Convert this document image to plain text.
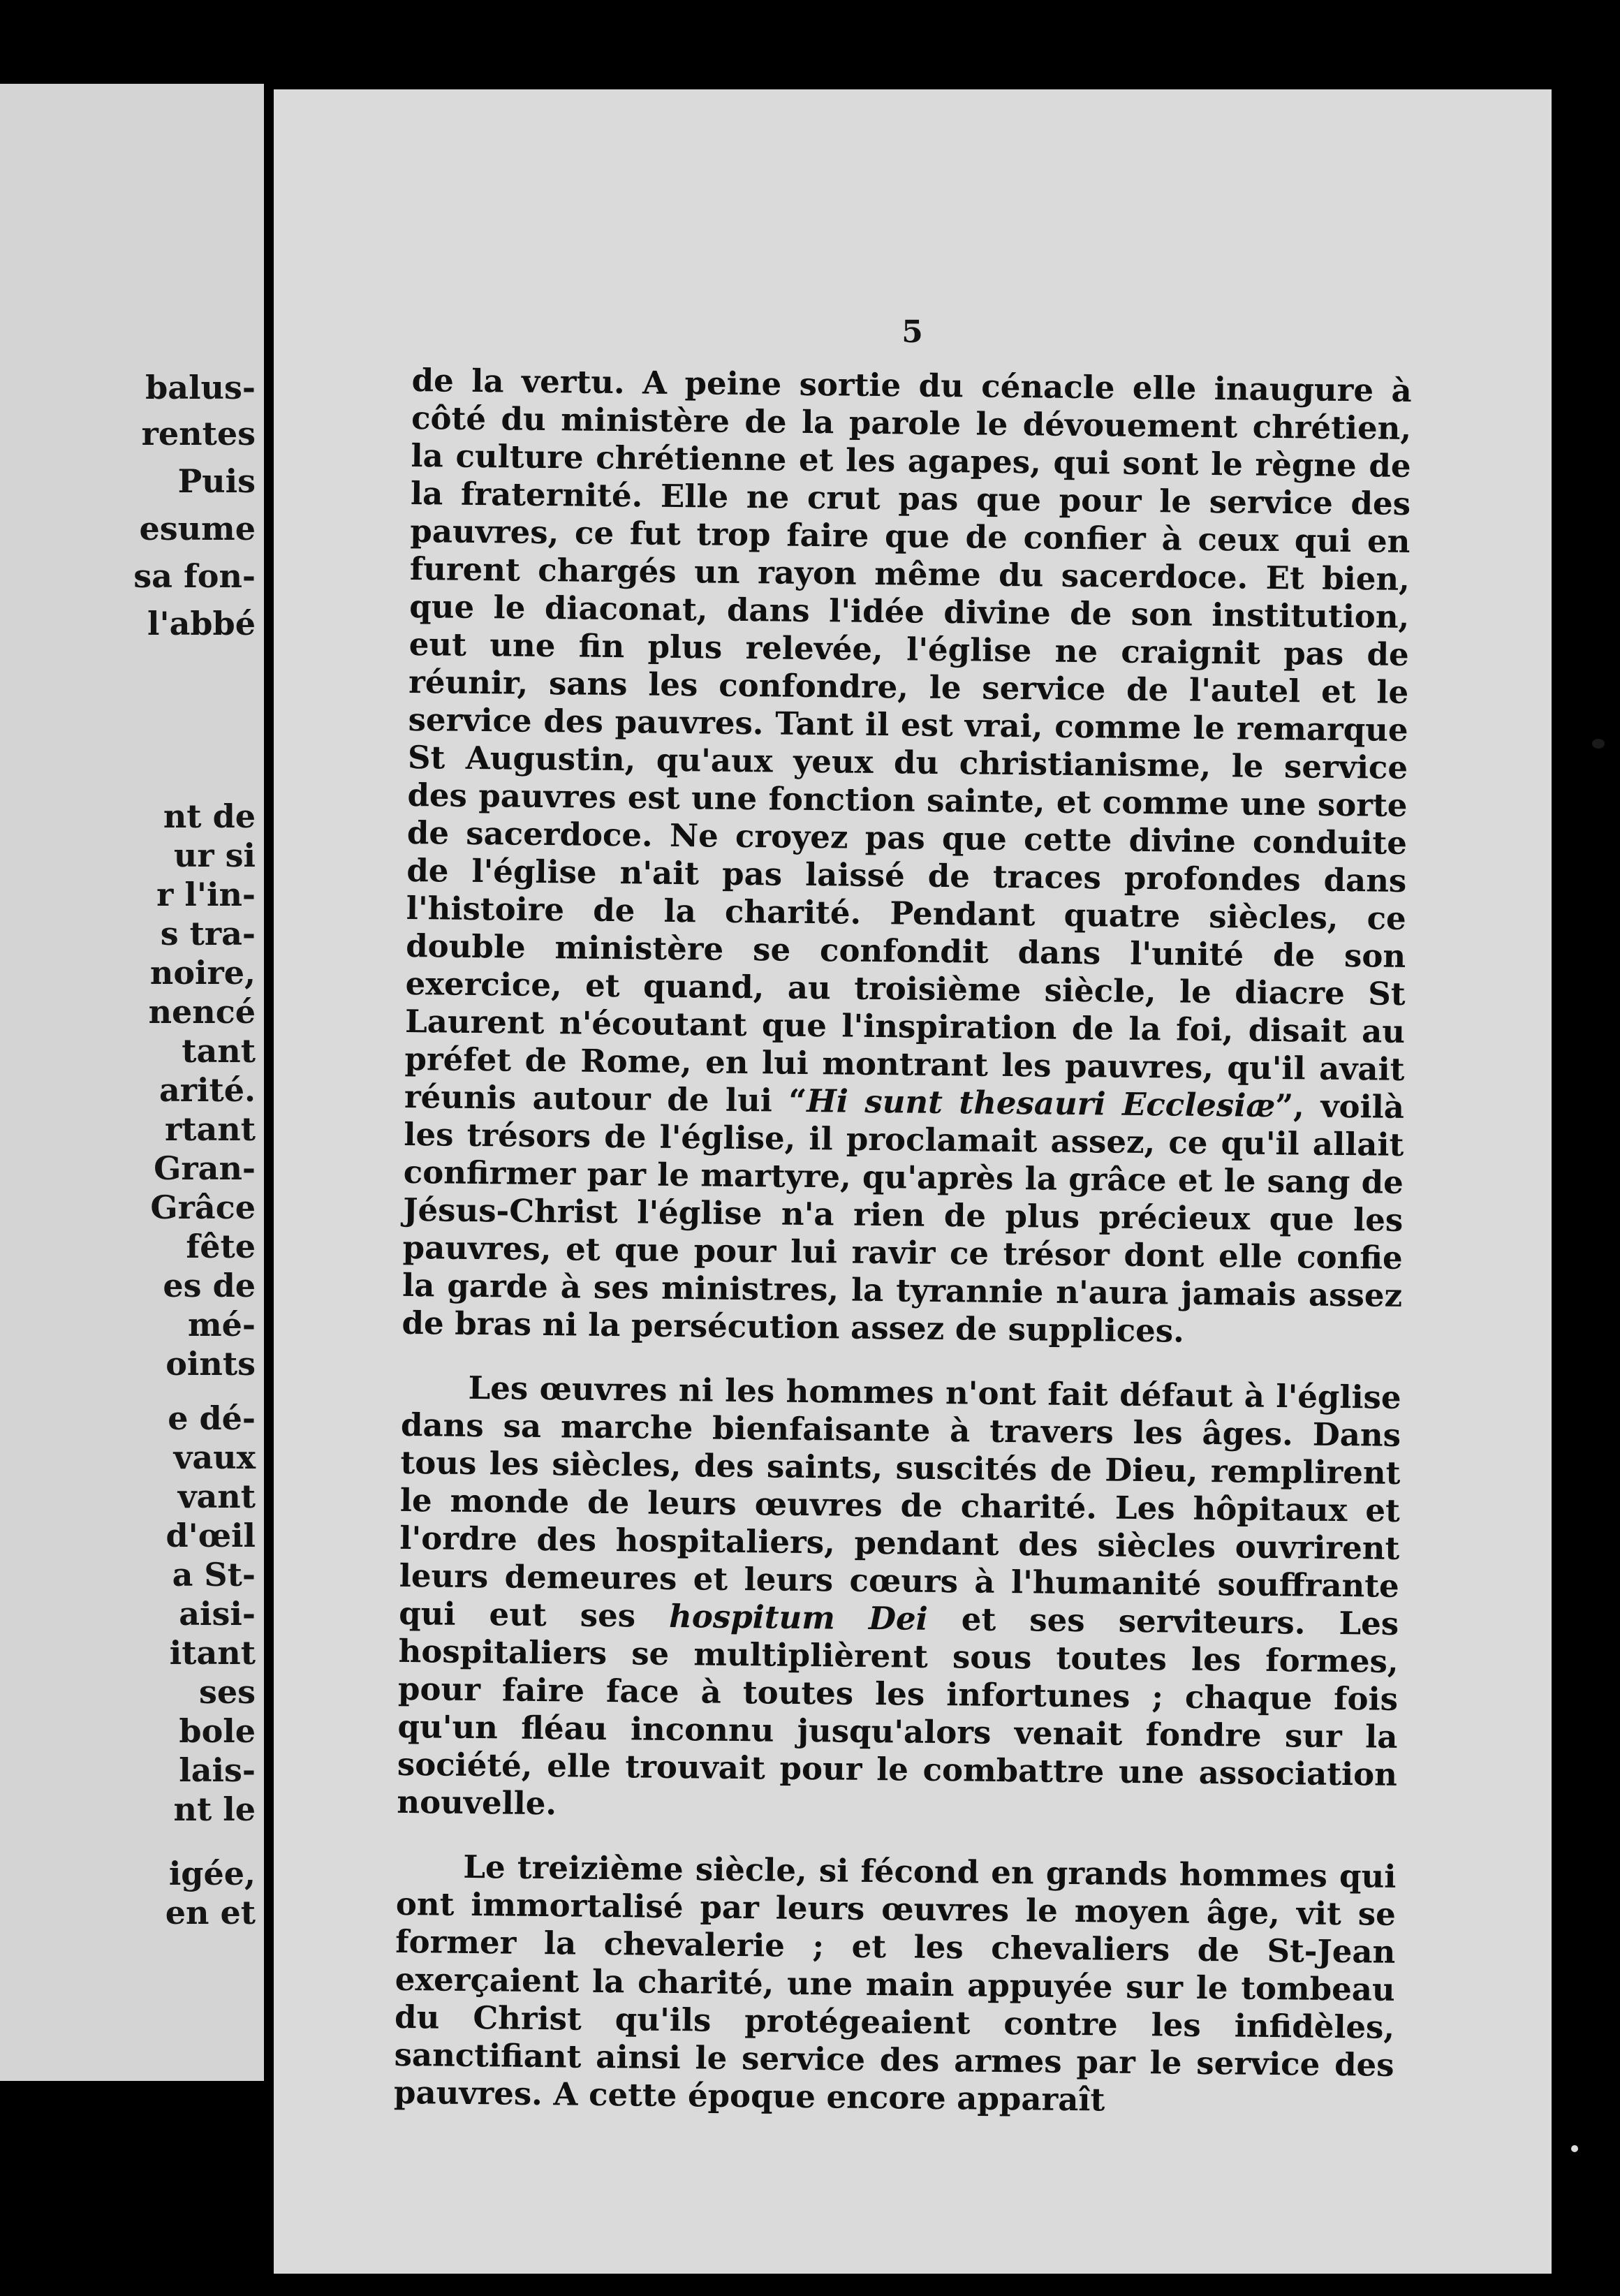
balus-
rentes
Puis
esume
sa fon-
l'abbé
nt de
ur si
r l'in-
s tra-
noire,
nencé
tant
arité.
rtant
Gran-
Grâce
fête
es de
mé-
oints
e dé-
vaux
vant
d'œil
a St-
aisi-
itant
ses
bole
lais-
nt le
igée,
en et
5

de la vertu. A peine sortie du cénacle elle inaugure à côté du ministère de la parole le dévouement chrétien, la culture chrétienne et les agapes, qui sont le règne de la fraternité. Elle ne crut pas que pour le service des pauvres, ce fut trop faire que de confier à ceux qui en furent chargés un rayon même du sacerdoce. Et bien, que le diaconat, dans l'idée divine de son institution, eut une fin plus relevée, l'église ne craignit pas de réunir, sans les confondre, le service de l'autel et le service des pauvres. Tant il est vrai, comme le remarque St Augustin, qu'aux yeux du christianisme, le service des pauvres est une fonction sainte, et comme une sorte de sacerdoce. Ne croyez pas que cette divine conduite de l'église n'ait pas laissé de traces profondes dans l'histoire de la charité. Pendant quatre siècles, ce double ministère se confondit dans l'unité de son exercice, et quand, au troisième siècle, le diacre St Laurent n'écoutant que l'inspiration de la foi, disait au préfet de Rome, en lui montrant les pauvres, qu'il avait réunis autour de lui “Hi sunt thesauri Ecclesiæ”, voilà les trésors de l'église, il proclamait assez, ce qu'il allait confirmer par le martyre, qu'après la grâce et le sang de Jésus-Christ l'église n'a rien de plus précieux que les pauvres, et que pour lui ravir ce trésor dont elle confie la garde à ses ministres, la tyrannie n'aura jamais assez de bras ni la persécution assez de supplices.

Les œuvres ni les hommes n'ont fait défaut à l'église dans sa marche bienfaisante à travers les âges. Dans tous les siècles, des saints, suscités de Dieu, remplirent le monde de leurs œuvres de charité. Les hôpitaux et l'ordre des hospitaliers, pendant des siècles ouvrirent leurs demeures et leurs cœurs à l'humanité souffrante qui eut ses hospitum Dei et ses serviteurs. Les hospitaliers se multiplièrent sous toutes les formes, pour faire face à toutes les infortunes ; chaque fois qu'un fléau inconnu jusqu'alors venait fondre sur la société, elle trouvait pour le combattre une association nouvelle.

Le treizième siècle, si fécond en grands hommes qui ont immortalisé par leurs œuvres le moyen âge, vit se former la chevalerie ; et les chevaliers de St-Jean exerçaient la charité, une main appuyée sur le tombeau du Christ qu'ils protégeaient contre les infidèles, sanctifiant ainsi le service des armes par le service des pauvres. A cette époque encore apparaît
